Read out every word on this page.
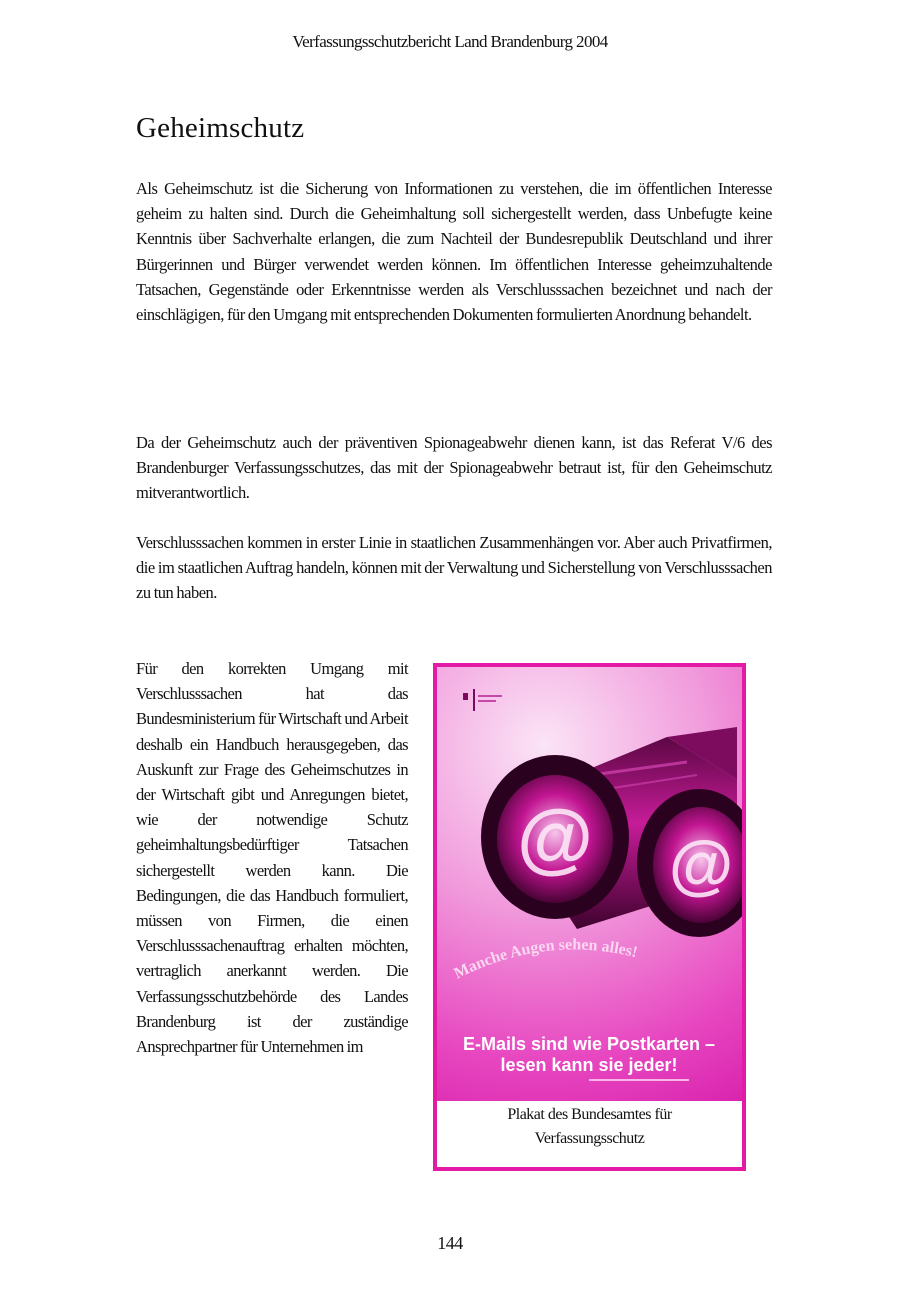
Verfassungsschutzbericht Land Brandenburg 2004
Geheimschutz

Als Geheimschutz ist die Sicherung von Informationen zu verstehen, die im öffentlichen Interesse geheim zu halten sind. Durch die Geheimhaltung soll sichergestellt werden, dass Unbefugte keine Kenntnis über Sachverhalte erlangen, die zum Nachteil der Bundesrepublik Deutschland und ihrer Bürgerinnen und Bürger verwendet werden können. Im öffentlichen Interesse geheimzuhaltende Tatsachen, Gegenstände oder Erkenntnisse werden als Verschlusssachen bezeichnet und nach der einschlägigen, für den Umgang mit entsprechenden Dokumenten formulierten Anordnung behandelt.

Da der Geheimschutz auch der präventiven Spionageabwehr dienen kann, ist das Referat V/6 des Brandenburger Verfassungsschutzes, das mit der Spionageabwehr betraut ist, für den Geheimschutz mitverantwortlich.

Verschlusssachen kommen in erster Linie in staatlichen Zusammenhängen vor. Aber auch Privatfirmen, die im staatlichen Auftrag handeln, können mit der Verwaltung und Sicherstellung von Verschlusssachen zu tun haben.

Für den korrekten Umgang mit Verschlusssachen hat das Bundesministerium für Wirtschaft und Arbeit deshalb ein Handbuch herausgegeben, das Auskunft zur Frage des Geheimschutzes in der Wirtschaft gibt und Anregungen bietet, wie der notwendige Schutz geheimhaltungsbedürftiger Tatsachen sichergestellt werden kann. Die Bedingungen, die das Handbuch formuliert, müssen von Firmen, die einen Verschlusssachenauftrag erhalten möchten, vertraglich anerkannt werden. Die Verfassungsschutzbehörde des Landes Brandenburg ist der zuständige Ansprechpartner für Unternehmen im

@ @
Manche Augen sehen alles!
E-Mails sind wie Postkarten –
lesen kann sie jeder!
Plakat des Bundesamtes für
Verfassungsschutz
144
